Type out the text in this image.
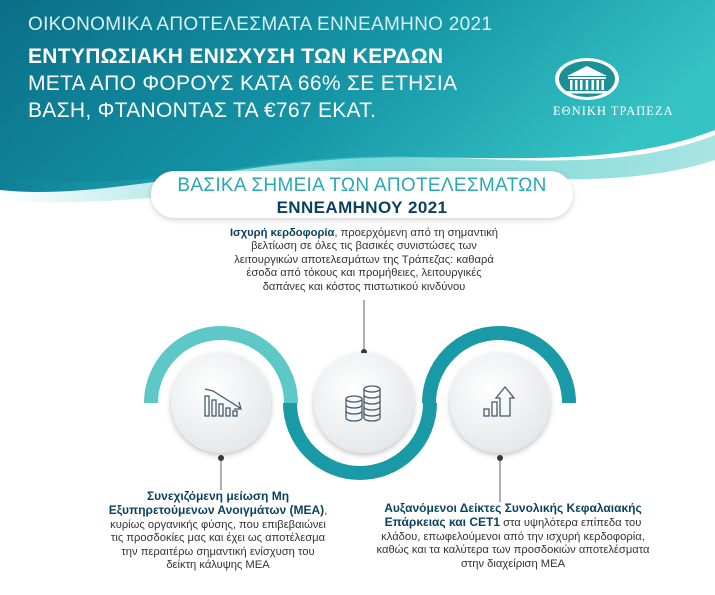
ΟΙΚΟΝΟΜΙΚΑ ΑΠΟΤΕΛΕΣΜΑΤΑ ΕΝΝΕΑΜΗΝΟ 2021

ΕΝΤΥΠΩΣΙΑΚΗ ΕΝΙΣΧΥΣΗ ΤΩΝ ΚΕΡΔΩΝ

ΜΕΤΑ ΑΠΟ ΦΟΡΟΥΣ ΚΑΤΑ 66% ΣΕ ΕΤΗΣΙΑ

ΒΑΣΗ, ΦΤΑΝΟΝΤΑΣ ΤΑ €767 ΕΚΑΤ.	ΕΘΝΙΚΗ ΤΡΑΠΕΖΑ
ΒΑΣΙΚΑ ΣΗΜΕΙΑ ΤΩΝ ΑΠΟΤΕΛΕΣΜΑΤΩΝ
ΕΝΝΕΑΜΗΝΟΥ 2021
Ισχυρή κερδοφορία, προερχόμενη από τη σημαντική βελτίωση σε όλες τις βασικές συνιστώσες των λειτουργικών αποτελεσμάτων της Τράπεζας: καθαρά έσοδα από τόκους και προμήθειες, λειτουργικές δαπάνες και κόστος πιστωτικού κινδύνου
Συνεχιζόμενη μείωση Μη Εξυπηρετούμενων Ανοιγμάτων (ΜΕΑ), κυρίως οργανικής φύσης, που επιβεβαιώνει τις προσδοκίες μας και έχει ως αποτέλεσμα την περαιτέρω σημαντική ενίσχυση του δείκτη κάλυψης ΜΕΑ
Αυξανόμενοι Δείκτες Συνολικής Κεφαλαιακής Επάρκειας και CET1 στα υψηλότερα επίπεδα του κλάδου, επωφελούμενοι από την ισχυρή κερδοφορία, καθώς και τα καλύτερα των προσδοκιών αποτελέσματα στην διαχείριση ΜΕΑ
